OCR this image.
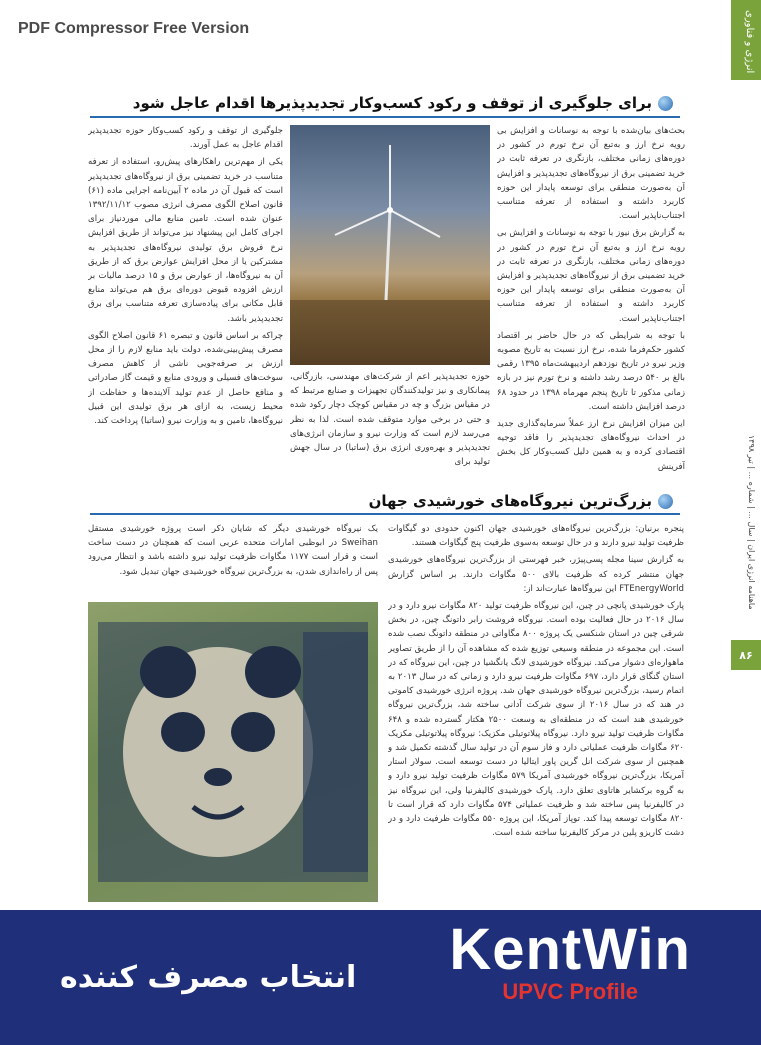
PDF Compressor Free Version	انرژی و فناوری
ماهنامه انرژی ایران | سال ... | شماره ... | تیر ۱۳۹۸
۸۶
برای جلوگیری از توقف و رکود کسب‌وکار تجدیدپذیرها اقدام عاجل شود

بحث‌های بیان‌شده با توجه به نوسانات و افزایش بی رویه نرخ ارز و به‌تبع آن نرخ تورم در کشور در دوره‌های زمانی مختلف، بازنگری در تعرفه ثابت در خرید تضمینی برق از نیروگاه‌های تجدیدپذیر و افزایش آن به‌صورت منطقی برای توسعه پایدار این حوزه کاربرد داشته و استفاده از تعرفه متناسب اجتناب‌ناپذیر است.

به گزارش برق نیوز با توجه به نوسانات و افزایش بی رویه نرخ ارز و به‌تبع آن نرخ تورم در کشور در دوره‌های زمانی مختلف، بازنگری در تعرفه ثابت در خرید تضمینی برق از نیروگاه‌های تجدیدپذیر و افزایش آن به‌صورت منطقی برای توسعه پایدار این حوزه کاربرد داشته و استفاده از تعرفه متناسب اجتناب‌ناپذیر است.

با توجه به شرایطی که در حال حاضر بر اقتصاد کشور حکم‌فرما شده، نرخ ارز نسبت به تاریخ مصوبه وزیر نیرو در تاریخ نوزدهم اردیبهشت‌ماه ۱۳۹۵ رقمی بالغ بر ۵۴۰ درصد رشد داشته و نرخ تورم نیز در بازه زمانی مذکور تا تاریخ پنجم مهرماه ۱۳۹۸ در حدود ۶۸ درصد افزایش داشته است.

این میزان افزایش نرخ ارز عملاً سرمایه‌گذاری جدید در احداث نیروگاه‌های تجدیدپذیر را فاقد توجیه اقتصادی کرده و به همین دلیل کسب‌وکار کل بخش آفرینش

حوزه تجدیدپذیر اعم از شرکت‌های مهندسی، بازرگانی، پیمانکاری و نیز تولیدکنندگان تجهیزات و صنایع مرتبط که در مقیاس بزرگ و چه در مقیاس کوچک دچار رکود شده و حتی در برخی موارد متوقف شده است. لذا به نظر می‌رسد لازم است که وزارت نیرو و سازمان انرژی‌های تجدیدپذیر و بهره‌وری انرژی برق (ساتبا) در سال جهش تولید برای

جلوگیری از توقف و رکود کسب‌وکار حوزه تجدیدپذیر اقدام عاجل به عمل آورند.

یکی از مهم‌ترین راهکارهای پیش‌رو، استفاده از تعرفه متناسب در خرید تضمینی برق از نیروگاه‌های تجدیدپذیر است که قبول آن در ماده ۲ آیین‌نامه اجرایی ماده (۶۱) قانون اصلاح الگوی مصرف انرژی مصوب ۱۳۹۲/۱۱/۱۲ عنوان شده است. تامین منابع مالی موردنیاز برای اجرای کامل این پیشنهاد نیز می‌تواند از طریق افزایش نرخ فروش برق تولیدی نیروگاه‌های تجدیدپذیر به مشترکین یا از محل افزایش عوارض برق که از طریق آن به نیروگاه‌ها، از عوارض برق و ۱۵ درصد مالیات بر ارزش افزوده قبوض دوره‌ای برق هم می‌تواند منابع قابل مکانی برای پیاده‌سازی تعرفه متناسب برای برق تجدیدپذیر باشد.

چراکه بر اساس قانون و تبصره ۶۱ قانون اصلاح الگوی مصرف پیش‌بینی‌شده، دولت باید منابع لازم را از محل ارزش بر صرفه‌جویی ناشی از کاهش مصرف سوخت‌های فسیلی و ورودی منابع و قیمت گاز صادراتی و منافع حاصل از عدم تولید آلاینده‌ها و حفاظت از محیط زیست، به ازای هر برق تولیدی این قبیل نیروگاه‌ها، تامین و به وزارت نیرو (ساتبا) پرداخت کند.

بزرگ‌ترین نیروگاه‌های خورشیدی جهان

پنجره برنیان: بزرگ‌ترین نیروگاه‌های خورشیدی جهان اکنون حدودی دو گیگاوات ظرفیت تولید نیرو دارند و در حال توسعه به‌سوی ظرفیت پنج گیگاوات هستند.

به گزارش سینا مجله پسی‌پیژر، خبر فهرستی از بزرگ‌ترین نیروگاه‌های خورشیدی جهان منتشر کرده که ظرفیت بالای ۵۰۰ مگاوات دارند. بر اساس گزارش FTEnergyWorld این نیروگاه‌ها عبارت‌اند از:

پارک خورشیدی پانچی در چین، این نیروگاه ظرفیت تولید ۸۲۰ مگاوات نیرو دارد و در سال ۲۰۱۶ در حال فعالیت بوده است. نیروگاه فروشت رابر داتونگ چین، در بخش شرقی چین در استان شنکسی یک پروژه ۸۰۰ مگاواتی در منطقه داتونگ نصب شده است. این مجموعه در منطقه وسیعی توزیع شده که مشاهده آن را از طریق تصاویر ماهواره‌ای دشوار می‌کند. نیروگاه خورشیدی لانگ یانگشیا در چین، این نیروگاه که در استان گنگای قرار دارد، ۶۹۷ مگاوات ظرفیت نیرو دارد و زمانی که در سال ۲۰۱۳ به اتمام رسید، بزرگ‌ترین نیروگاه خورشیدی جهان شد. پروژه انرژی خورشیدی کاموتی در هند که در سال ۲۰۱۶ از سوی شرکت آدانی ساخته شد، بزرگ‌ترین نیروگاه خورشیدی هند است که در منطقه‌ای به وسعت ۲۵۰۰ هکتار گسترده شده و ۶۴۸ مگاوات ظرفیت تولید نیرو دارد. نیروگاه پیلاتوتیلی مکزیک: نیروگاه پیلاتوتیلی مکزیک ۶۲۰ مگاوات ظرفیت عملیاتی دارد و فاز سوم آن در تولید سال گذشته تکمیل شد و همچنین از سوی شرکت انل گرین پاور ایتالیا در دست توسعه است. سولار استار آمریکا، بزرگ‌ترین نیروگاه خورشیدی آمریکا ۵۷۹ مگاوات ظرفیت تولید نیرو دارد و به گروه برکشایر هاتاوی تعلق دارد. پارک خورشیدی کالیفرنیا ولی، این نیروگاه نیز در کالیفرنیا پس ساخته شد و ظرفیت عملیاتی ۵۷۴ مگاوات دارد که قرار است تا ۸۲۰ مگاوات توسعه پیدا کند. توپاز آمریکا، این پروژه ۵۵۰ مگاوات ظرفیت دارد و در دشت کاریزو پلین در مرکز کالیفرنیا ساخته شده است.

یک نیروگاه خورشیدی دیگر که شایان ذکر است پروژه خورشیدی مستقل Sweihan در ابوظبی امارات متحده عربی است که همچنان در دست ساخت است و قرار است ۱۱۷۷ مگاوات ظرفیت تولید نیرو داشته باشد و انتظار می‌رود پس از راه‌اندازی شدن، به بزرگ‌ترین نیروگاه خورشیدی جهان تبدیل شود.

KentWin
UPVC Profile
انتخاب مصرف کننده
